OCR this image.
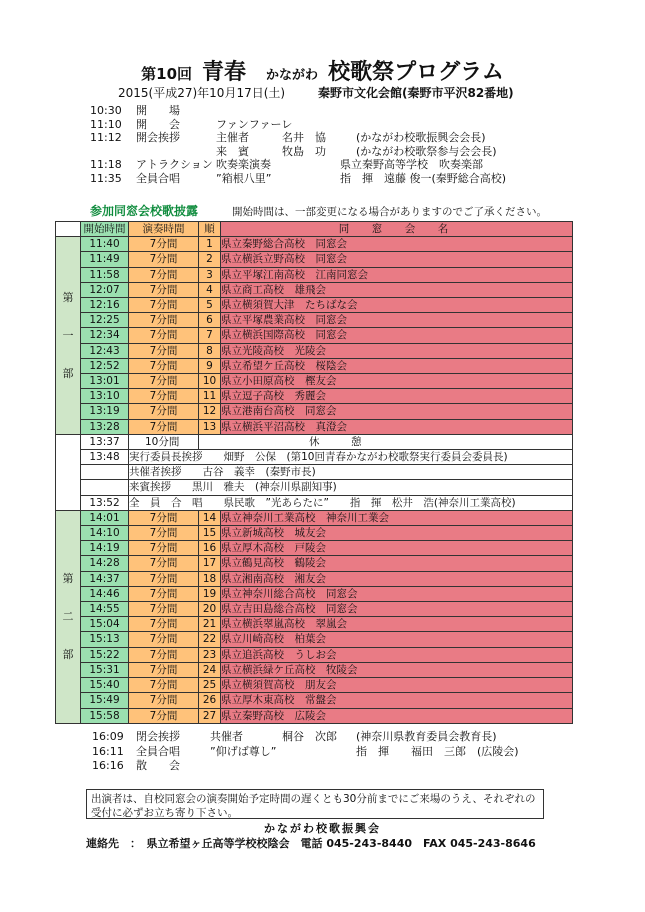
第10回 青春 かながわ 校歌祭プログラム
2015(平成27)年10月17日(土)	秦野市文化会館(秦野市平沢82番地)
10:30 開　　場
11:10 開　　会	ファンファーレ
11:12 開会挨拶	主催者	名井　協	(かながわ校歌振興会会長)
来　賓	牧島　功	(かながわ校歌祭参与会会長)
11:18 アトラクション 吹奏楽演奏	県立秦野高等学校　吹奏楽部
11:35 全員合唱	”箱根八里”	指　揮　遠藤 俊一(秦野総合高校)
参加同窓会校歌披露	開始時間は、一部変更になる場合がありますのでご了承ください。
	開始時間	演奏時間	順	同　窓　会　名

第
一
部	11:40	7分間	1	県立秦野総合高校　同窓会
	11:49	7分間	2	県立横浜立野高校　同窓会
	11:58	7分間	3	県立平塚江南高校　江南同窓会
	12:07	7分間	4	県立商工高校　雄飛会
	12:16	7分間	5	県立横須賀大津　たちばな会
	12:25	7分間	6	県立平塚農業高校　同窓会
	12:34	7分間	7	県立横浜国際高校　同窓会
	12:43	7分間	8	県立光陵高校　光陵会
	12:52	7分間	9	県立希望ケ丘高校　桜陰会
	13:01	7分間	10	県立小田原高校　樫友会
	13:10	7分間	11	県立逗子高校　秀麗会
	13:19	7分間	12	県立港南台高校　同窓会
	13:28	7分間	13	県立横浜平沼高校　真澄会
	13:37	10分間	休　　　憩	
	13:48	実行委員長挨拶　　畑野　公保　(第10回青春かながわ校歌祭実行委員会委員長)		
		共催者挨拶　　古谷　義幸　(秦野市長)		
		来賓挨拶　　黒川　雅夫　(神奈川県副知事)		
	13:52	全　員　合　唱　　県民歌　”光あらたに”　　指　揮　松井　浩(神奈川工業高校)		

第
二
部	14:01	7分間	14	県立神奈川工業高校　神奈川工業会
	14:10	7分間	15	県立新城高校　城友会
	14:19	7分間	16	県立厚木高校　戸陵会
	14:28	7分間	17	県立鶴見高校　鶴陵会
	14:37	7分間	18	県立湘南高校　湘友会
	14:46	7分間	19	県立神奈川総合高校　同窓会
	14:55	7分間	20	県立吉田島総合高校　同窓会
	15:04	7分間	21	県立横浜翠嵐高校　翠嵐会
	15:13	7分間	22	県立川崎高校　柏葉会
	15:22	7分間	23	県立追浜高校　うしお会
	15:31	7分間	24	県立横浜緑ケ丘高校　牧陵会
	15:40	7分間	25	県立横須賀高校　朋友会
	15:49	7分間	26	県立厚木東高校　常盤会
	15:58	7分間	27	県立秦野高校　広陵会
16:09 閉会挨拶	共催者	桐谷　次郎 (神奈川県教育委員会教育長)
16:11 全員合唱	”仰げば尊し”	指　揮　　福田　三郎　(広陵会)
16:16 散　　会
出演者は、自校同窓会の演奏開始予定時間の遅くとも30分前までにご来場のうえ、それぞれの受付に必ずお立ち寄り下さい。
かながわ校歌振興会
連絡先　：　県立希望ヶ丘高等学校校陰会　電話 045-243-8440　FAX 045-243-8646
